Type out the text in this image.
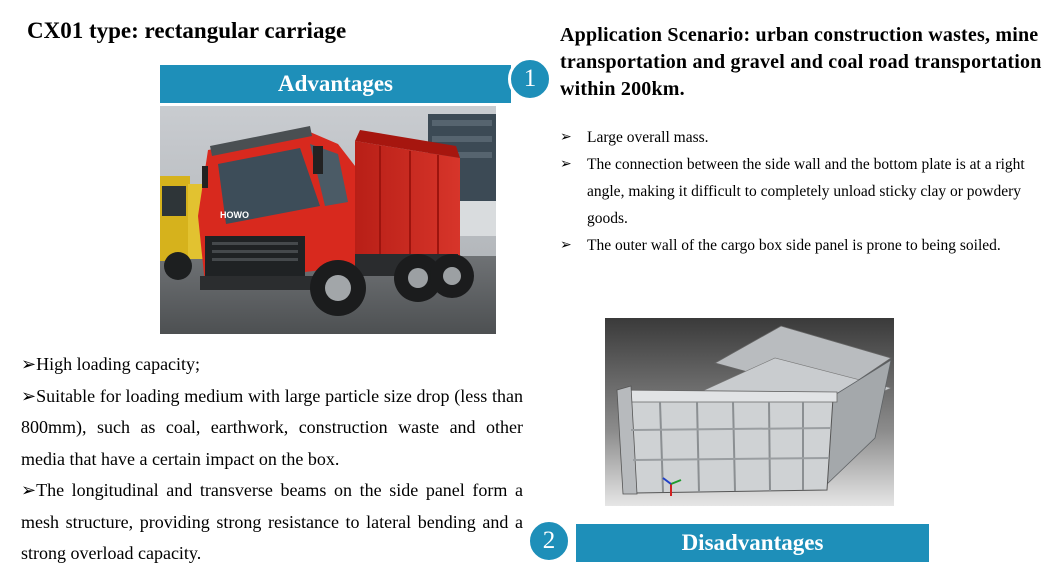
CX01 type: rectangular carriage
Advantages	1
HOWO
Application Scenario: urban construction wastes, mine transportation and gravel and coal road transportation within 200km.
➢ Large overall mass.
➢ The connection between the side wall and the bottom plate is at a right angle, making it difficult to completely unload sticky clay or powdery goods.
➢ The outer wall of the cargo box side panel is prone to being soiled.
Disadvantages
2

➢High loading capacity;

➢Suitable for loading medium with large particle size drop (less than 800mm), such as coal, earthwork, construction waste and other media that have a certain impact on the box.

➢The longitudinal and transverse beams on the side panel form a mesh structure, providing strong resistance to lateral bending and a strong overload capacity.
